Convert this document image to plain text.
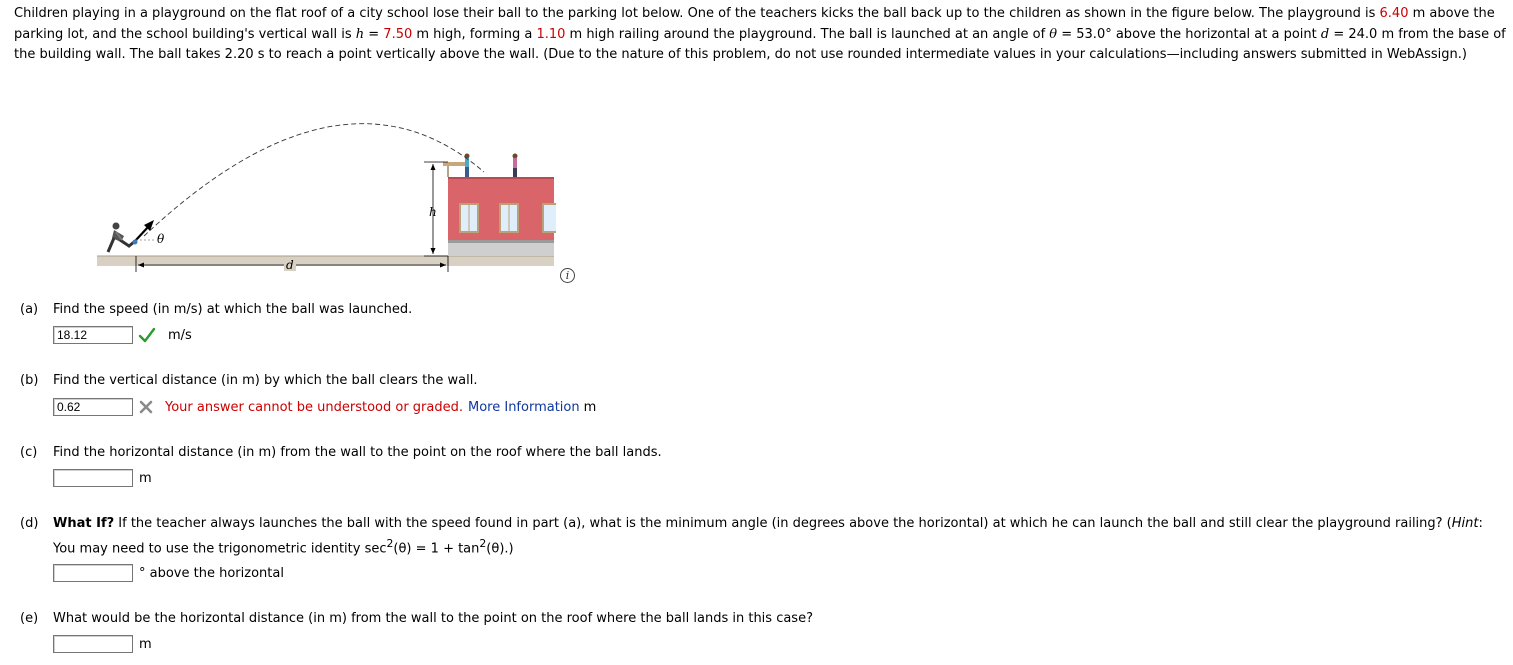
Children playing in a playground on the flat roof of a city school lose their ball to the parking lot below. One of the teachers kicks the ball back up to the children as shown in the figure below. The playground is 6.40 m above the parking lot, and the school building's vertical wall is h = 7.50 m high, forming a 1.10 m high railing around the playground. The ball is launched at an angle of θ = 53.0° above the horizontal at a point d = 24.0 m from the base of the building wall. The ball takes 2.20 s to reach a point vertically above the wall. (Due to the nature of this problem, do not use rounded intermediate values in your calculations—including answers submitted in WebAssign.)

θ
d
h
i

(a) Find the speed (in m/s) at which the ball was launched.

18.12	m/s

(b) Find the vertical distance (in m) by which the ball clears the wall.

0.62	Your answer cannot be understood or graded. More Information m

(c) Find the horizontal distance (in m) from the wall to the point on the roof where the ball lands.

m

(d) What If? If the teacher always launches the ball with the speed found in part (a), what is the minimum angle (in degrees above the horizontal) at which he can launch the ball and still clear the playground railing? (Hint:

You may need to use the trigonometric identity $\sec^2(\theta) = 1 + \tan^2(\theta)$.)

° above the horizontal

(e) What would be the horizontal distance (in m) from the wall to the point on the roof where the ball lands in this case?

m
